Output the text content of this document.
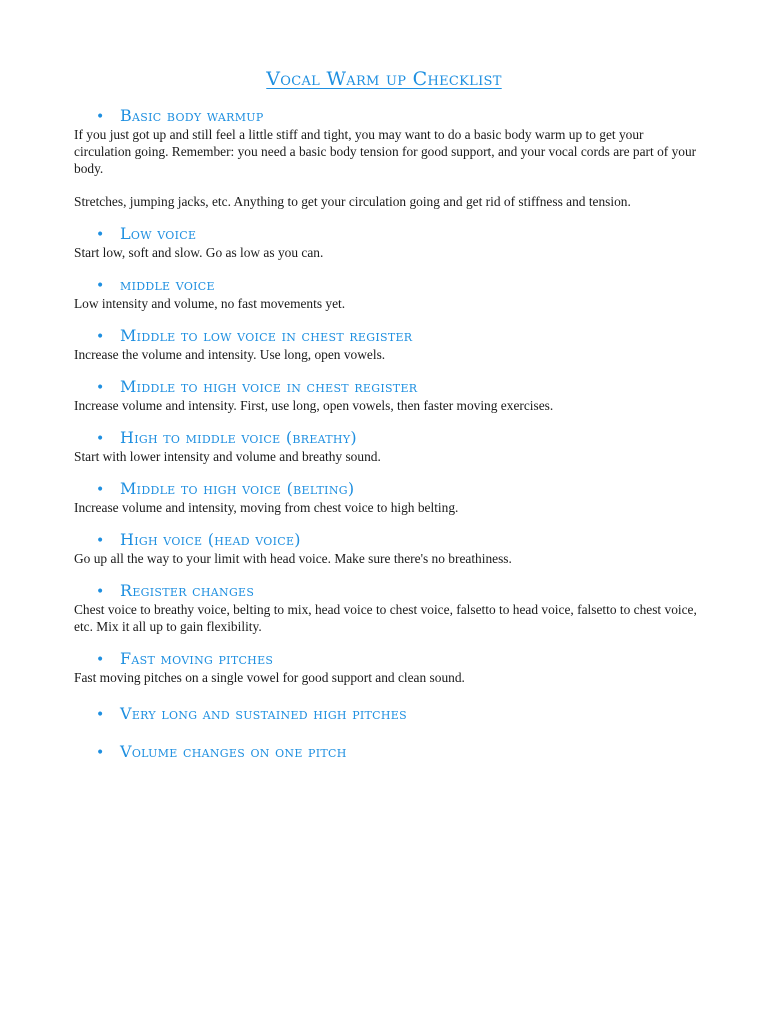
Vocal Warm up Checklist
• Basic body warmup

If you just got up and still feel a little stiff and tight, you may want to do a basic body warm up to get your circulation going. Remember: you need a basic body tension for good support, and your vocal cords are part of your body.

Stretches, jumping jacks, etc. Anything to get your circulation going and get rid of stiffness and tension.

• Low voice

Start low, soft and slow. Go as low as you can.

• middle voice

Low intensity and volume, no fast movements yet.

• Middle to low voice in chest register

Increase the volume and intensity. Use long, open vowels.

• Middle to high voice in chest register

Increase volume and intensity. First, use long, open vowels, then faster moving exercises.

• High to middle voice (breathy)

Start with lower intensity and volume and breathy sound.

• Middle to high voice (belting)

Increase volume and intensity, moving from chest voice to high belting.

• High voice (head voice)

Go up all the way to your limit with head voice. Make sure there's no breathiness.

• Register changes

Chest voice to breathy voice, belting to mix, head voice to chest voice, falsetto to head voice, falsetto to chest voice, etc. Mix it all up to gain flexibility.

• Fast moving pitches

Fast moving pitches on a single vowel for good support and clean sound.

• Very long and sustained high pitches
• Volume changes on one pitch
